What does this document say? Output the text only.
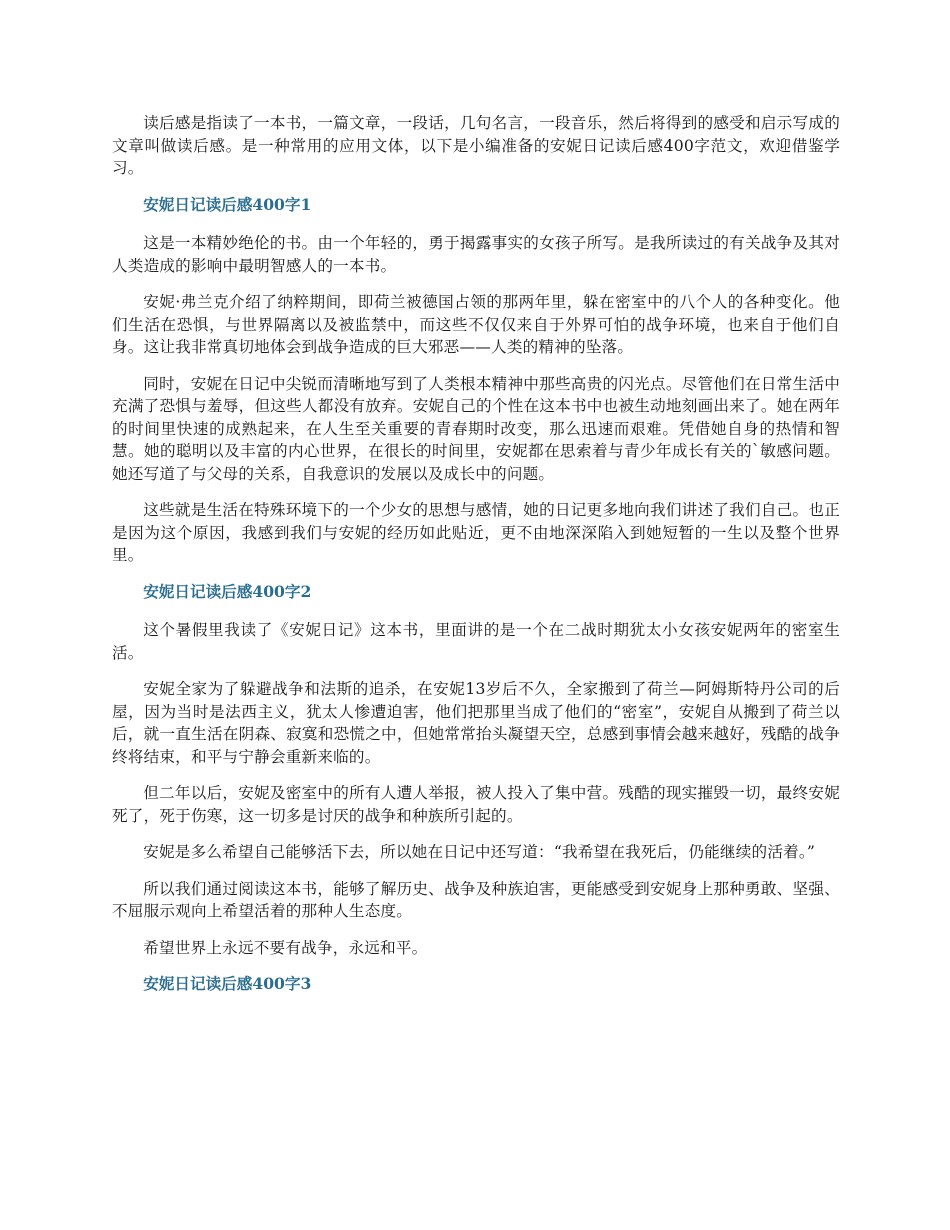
读后感是指读了一本书，一篇文章，一段话，几句名言，一段音乐，然后将得到的感受和启示写成的文章叫做读后感。是一种常用的应用文体，以下是小编准备的安妮日记读后感400字范文，欢迎借鉴学习。

安妮日记读后感400字1

这是一本精妙绝伦的书。由一个年轻的，勇于揭露事实的女孩子所写。是我所读过的有关战争及其对人类造成的影响中最明智感人的一本书。

安妮·弗兰克介绍了纳粹期间，即荷兰被德国占领的那两年里，躲在密室中的八个人的各种变化。他们生活在恐惧，与世界隔离以及被监禁中，而这些不仅仅来自于外界可怕的战争环境，也来自于他们自身。这让我非常真切地体会到战争造成的巨大邪恶——人类的精神的坠落。

同时，安妮在日记中尖锐而清晰地写到了人类根本精神中那些高贵的闪光点。尽管他们在日常生活中充满了恐惧与羞辱，但这些人都没有放弃。安妮自己的个性在这本书中也被生动地刻画出来了。她在两年的时间里快速的成熟起来，在人生至关重要的青春期时改变，那么迅速而艰难。凭借她自身的热情和智慧。她的聪明以及丰富的内心世界，在很长的时间里，安妮都在思索着与青少年成长有关的`敏感问题。她还写道了与父母的关系，自我意识的发展以及成长中的问题。

这些就是生活在特殊环境下的一个少女的思想与感情，她的日记更多地向我们讲述了我们自己。也正是因为这个原因，我感到我们与安妮的经历如此贴近，更不由地深深陷入到她短暂的一生以及整个世界里。

安妮日记读后感400字2

这个暑假里我读了《安妮日记》这本书，里面讲的是一个在二战时期犹太小女孩安妮两年的密室生活。

安妮全家为了躲避战争和法斯的追杀，在安妮13岁后不久，全家搬到了荷兰—阿姆斯特丹公司的后屋，因为当时是法西主义，犹太人惨遭迫害，他们把那里当成了他们的“密室”，安妮自从搬到了荷兰以后，就一直生活在阴森、寂寞和恐慌之中，但她常常抬头凝望天空，总感到事情会越来越好，残酷的战争终将结束，和平与宁静会重新来临的。

但二年以后，安妮及密室中的所有人遭人举报，被人投入了集中营。残酷的现实摧毁一切，最终安妮死了，死于伤寒，这一切多是讨厌的战争和种族所引起的。

安妮是多么希望自己能够活下去，所以她在日记中还写道：“我希望在我死后，仍能继续的活着。”

所以我们通过阅读这本书，能够了解历史、战争及种族迫害，更能感受到安妮身上那种勇敢、坚强、不屈服示观向上希望活着的那种人生态度。

希望世界上永远不要有战争，永远和平。

安妮日记读后感400字3
